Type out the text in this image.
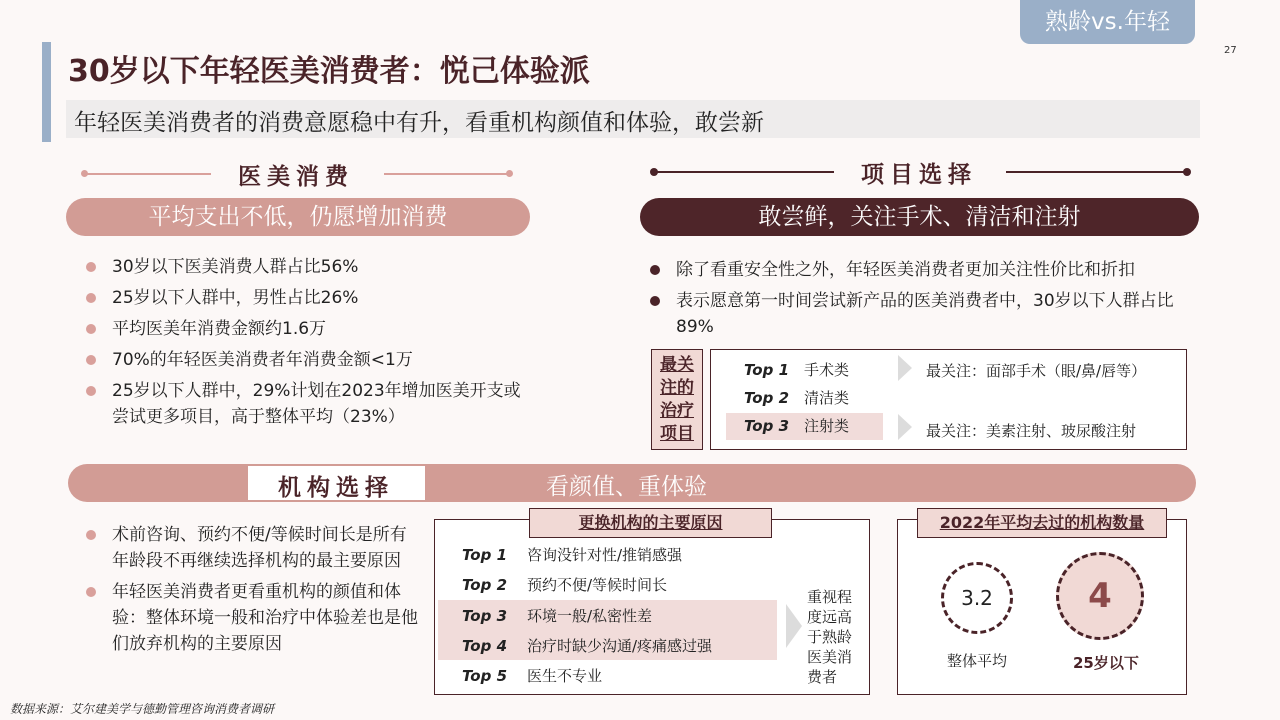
熟龄vs.年轻
27
30岁以下年轻医美消费者：悦己体验派
年轻医美消费者的消费意愿稳中有升，看重机构颜值和体验，敢尝新
医美消费
平均支出不低，仍愿增加消费
30岁以下医美消费人群占比56%
25岁以下人群中，男性占比26%
平均医美年消费金额约1.6万
70%的年轻医美消费者年消费金额<1万
25岁以下人群中，29%计划在2023年增加医美开支或尝试更多项目，高于整体平均（23%）
项目选择
敢尝鲜，关注手术、清洁和注射
除了看重安全性之外，年轻医美消费者更加关注性价比和折扣
表示愿意第一时间尝试新产品的医美消费者中，30岁以下人群占比89%
最关注的治疗项目
Top 1 手术类
Top 2 清洁类
Top 3 注射类
最关注：面部手术（眼/鼻/唇等）
最关注：美素注射、玻尿酸注射
机构选择	看颜值、重体验
术前咨询、预约不便/等候时间长是所有年龄段不再继续选择机构的最主要原因
年轻医美消费者更看重机构的颜值和体验：整体环境一般和治疗中体验差也是他们放弃机构的主要原因
更换机构的主要原因
Top 1 咨询没针对性/推销感强
Top 2 预约不便/等候时间长
Top 3 环境一般/私密性差
Top 4 治疗时缺少沟通/疼痛感过强
Top 5 医生不专业
重视程度远高于熟龄医美消费者
2022年平均去过的机构数量
3.2
整体平均
4
25岁以下
数据来源：艾尔建美学与德勤管理咨询消费者调研
